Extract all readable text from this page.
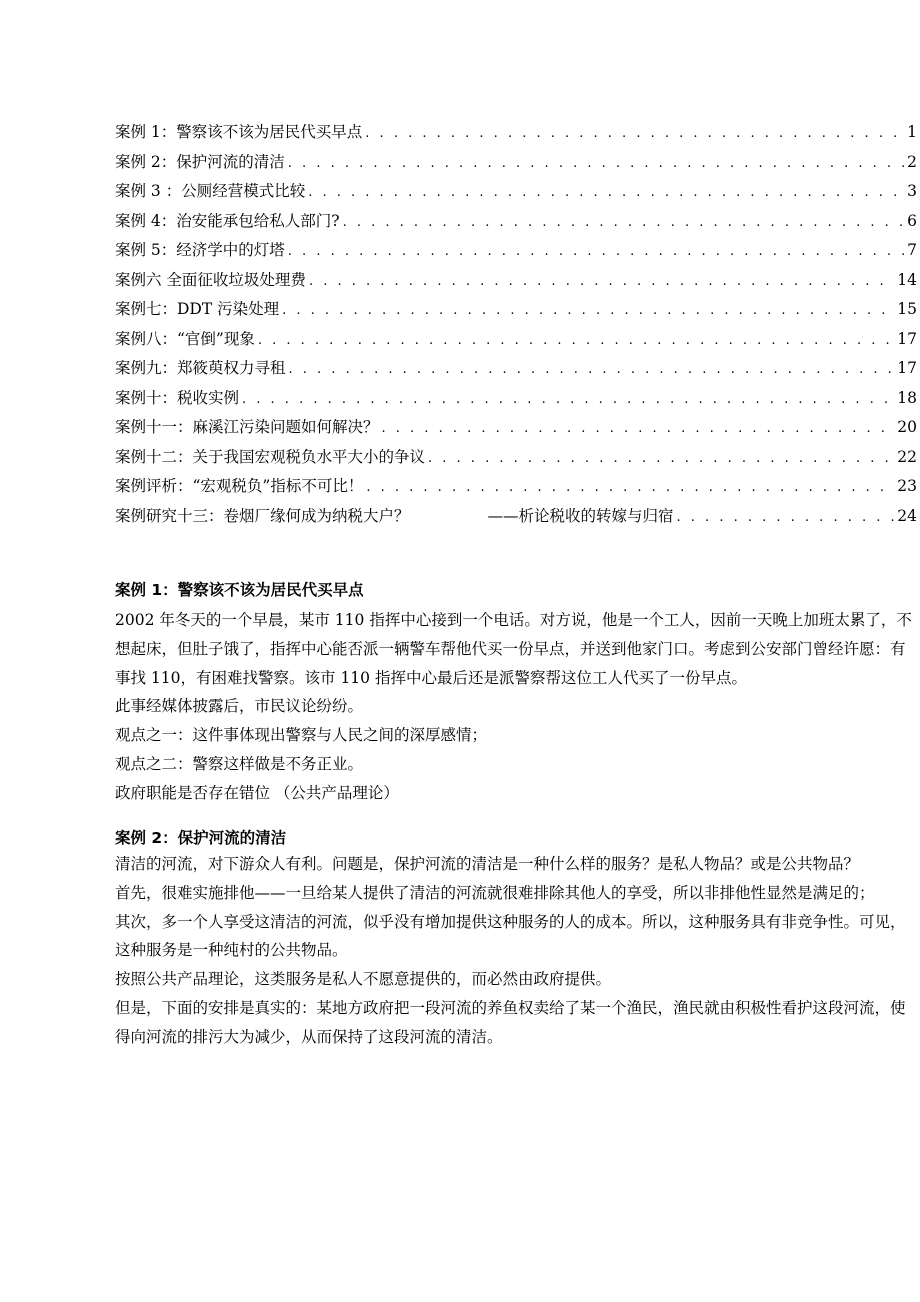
案例 1：警察该不该为居民代买早点 . . .	1
案例 2：保护河流的清洁 . . .	2
案例 3 ：公厕经营模式比较 . . .	3
案例 4：治安能承包给私人部门? . . .	6
案例 5：经济学中的灯塔 . . .	7
案例六 全面征收垃圾处理费 . . .	14
案例七：DDT 污染处理 . . .	15
案例八：“官倒”现象 . . .	17
案例九：郑筱萸权力寻租 . . .	17
案例十：税收实例 . . .	18
案例十一：麻溪江污染问题如何解决？ . . .	20
案例十二：关于我国宏观税负水平大小的争议 . . .	22
案例评析：“宏观税负”指标不可比！ . . .	23
案例研究十三：卷烟厂缘何成为纳税大户？	——析论税收的转嫁与归宿 . . .	24
案例 1：警察该不该为居民代买早点

2002 年冬天的一个早晨，某市 110 指挥中心接到一个电话。对方说，他是一个工人，因前一天晚上加班太累了，不想起床，但肚子饿了，指挥中心能否派一辆警车帮他代买一份早点，并送到他家门口。考虑到公安部门曾经许愿：有事找 110，有困难找警察。该市 110 指挥中心最后还是派警察帮这位工人代买了一份早点。

此事经媒体披露后，市民议论纷纷。

观点之一：这件事体现出警察与人民之间的深厚感情；

观点之二：警察这样做是不务正业。

政府职能是否存在错位 （公共产品理论）

案例 2：保护河流的清洁

清洁的河流，对下游众人有利。问题是，保护河流的清洁是一种什么样的服务？是私人物品？或是公共物品？

首先，很难实施排他——一旦给某人提供了清洁的河流就很难排除其他人的享受，所以非排他性显然是满足的；

其次，多一个人享受这清洁的河流，似乎没有增加提供这种服务的人的成本。所以，这种服务具有非竞争性。可见，这种服务是一种纯村的公共物品。

按照公共产品理论，这类服务是私人不愿意提供的，而必然由政府提供。

但是，下面的安排是真实的：某地方政府把一段河流的养鱼权卖给了某一个渔民，渔民就由积极性看护这段河流，使得向河流的排污大为减少，从而保持了这段河流的清洁。
